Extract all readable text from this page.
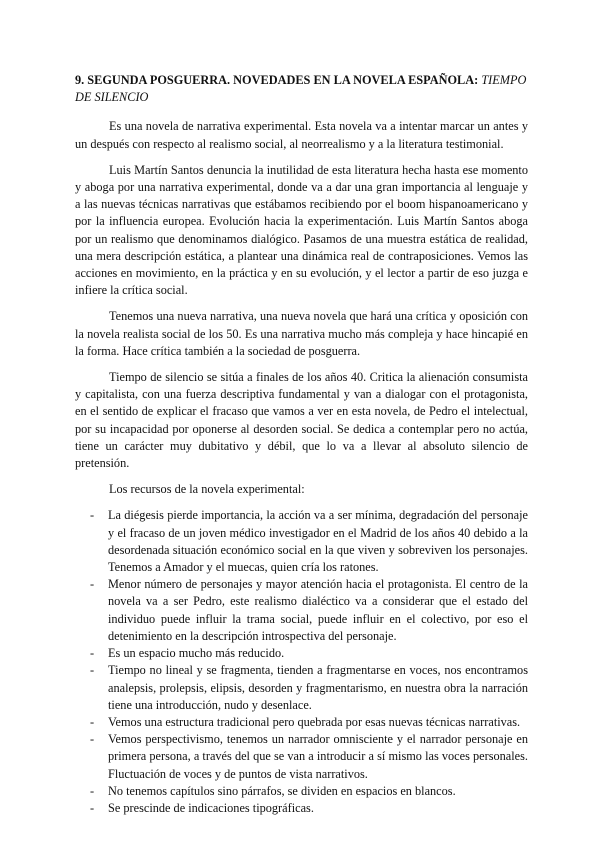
9. SEGUNDA POSGUERRA. NOVEDADES EN LA NOVELA ESPAÑOLA: TIEMPO DE SILENCIO

Es una novela de narrativa experimental. Esta novela va a intentar marcar un antes y un después con respecto al realismo social, al neorrealismo y a la literatura testimonial.

Luis Martín Santos denuncia la inutilidad de esta literatura hecha hasta ese momento y aboga por una narrativa experimental, donde va a dar una gran importancia al lenguaje y a las nuevas técnicas narrativas que estábamos recibiendo por el boom hispanoamericano y por la influencia europea. Evolución hacia la experimentación. Luis Martín Santos aboga por un realismo que denominamos dialógico. Pasamos de una muestra estática de realidad, una mera descripción estática, a plantear una dinámica real de contraposiciones. Vemos las acciones en movimiento, en la práctica y en su evolución, y el lector a partir de eso juzga e infiere la crítica social.

Tenemos una nueva narrativa, una nueva novela que hará una crítica y oposición con la novela realista social de los 50. Es una narrativa mucho más compleja y hace hincapié en la forma. Hace crítica también a la sociedad de posguerra.

Tiempo de silencio se sitúa a finales de los años 40. Critica la alienación consumista y capitalista, con una fuerza descriptiva fundamental y van a dialogar con el protagonista, en el sentido de explicar el fracaso que vamos a ver en esta novela, de Pedro el intelectual, por su incapacidad por oponerse al desorden social. Se dedica a contemplar pero no actúa, tiene un carácter muy dubitativo y débil, que lo va a llevar al absoluto silencio de pretensión.

Los recursos de la novela experimental:

- La diégesis pierde importancia, la acción va a ser mínima, degradación del personaje y el fracaso de un joven médico investigador en el Madrid de los años 40 debido a la desordenada situación económico social en la que viven y sobreviven los personajes. Tenemos a Amador y el muecas, quien cría los ratones.
- Menor número de personajes y mayor atención hacia el protagonista. El centro de la novela va a ser Pedro, este realismo dialéctico va a considerar que el estado del individuo puede influir la trama social, puede influir en el colectivo, por eso el detenimiento en la descripción introspectiva del personaje.
- Es un espacio mucho más reducido.
- Tiempo no lineal y se fragmenta, tienden a fragmentarse en voces, nos encontramos analepsis, prolepsis, elipsis, desorden y fragmentarismo, en nuestra obra la narración tiene una introducción, nudo y desenlace.
- Vemos una estructura tradicional pero quebrada por esas nuevas técnicas narrativas.
- Vemos perspectivismo, tenemos un narrador omnisciente y el narrador personaje en primera persona, a través del que se van a introducir a sí mismo las voces personales. Fluctuación de voces y de puntos de vista narrativos.
- No tenemos capítulos sino párrafos, se dividen en espacios en blancos.
- Se prescinde de indicaciones tipográficas.
